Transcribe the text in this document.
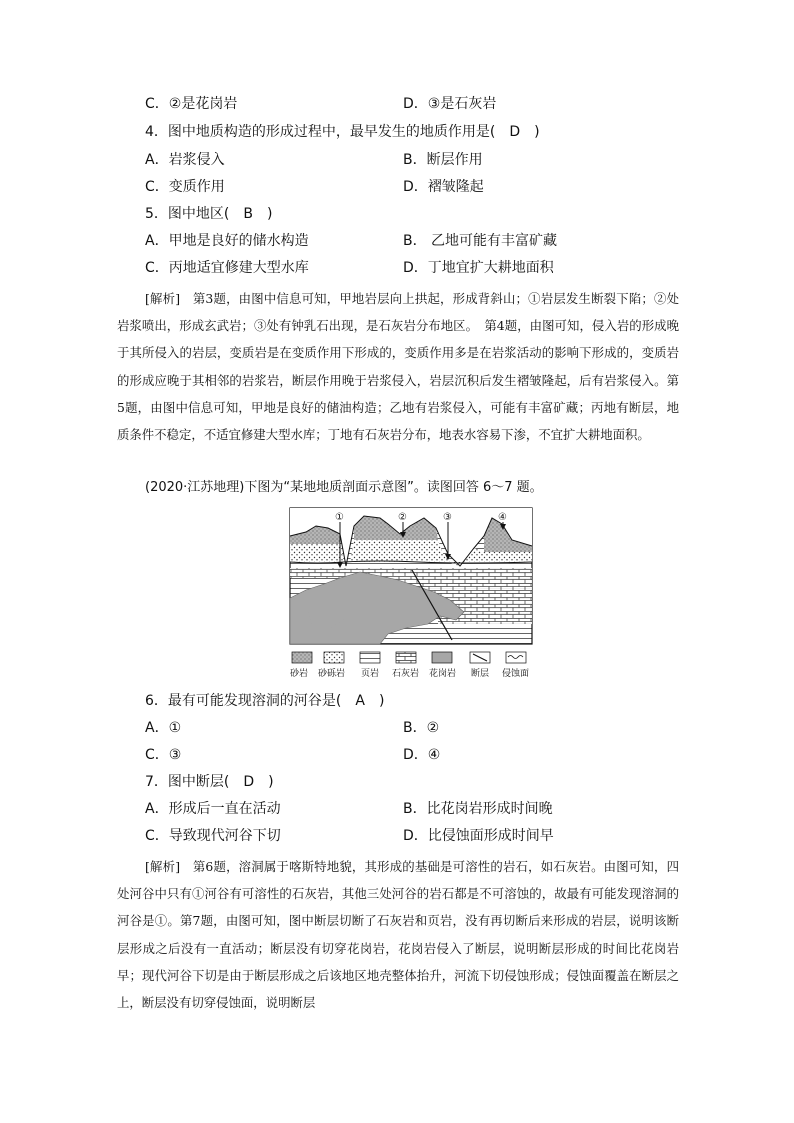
C．②是花岗岩	D．③是石灰岩
4．图中地质构造的形成过程中，最早发生的地质作用是(　D　)
A．岩浆侵入	B．断层作用
C．变质作用	D．褶皱隆起
5．图中地区(　B　)
A．甲地是良好的储水构造	B． 乙地可能有丰富矿藏
C．丙地适宜修建大型水库	D．丁地宜扩大耕地面积

[解析]　第3题，由图中信息可知，甲地岩层向上拱起，形成背斜山；①岩层发生断裂下陷；②处岩浆喷出，形成玄武岩；③处有钟乳石出现，是石灰岩分布地区。　第4题，由图可知，侵入岩的形成晚于其所侵入的岩层，变质岩是在变质作用下形成的，变质作用多是在岩浆活动的影响下形成的，变质岩的形成应晚于其相邻的岩浆岩，断层作用晚于岩浆侵入，岩层沉积后发生褶皱隆起，后有岩浆侵入。第5题，由图中信息可知，甲地是良好的储油构造；乙地有岩浆侵入，可能有丰富矿藏；丙地有断层，地质条件不稳定，不适宜修建大型水库；丁地有石灰岩分布，地表水容易下渗，不宜扩大耕地面积。

(2020·江苏地理)下图为“某地地质剖面示意图”。读图回答 6～7 题。
①	②	③	④
砂岩 砂砾岩 页岩 石灰岩 花岗岩 断层 侵蚀面
6．最有可能发现溶洞的河谷是(　A　)
A．①	B．②
C．③	D．④
7．图中断层(　D　)
A．形成后一直在活动	B．比花岗岩形成时间晚
C．导致现代河谷下切	D．比侵蚀面形成时间早

[解析]　第6题，溶洞属于喀斯特地貌，其形成的基础是可溶性的岩石，如石灰岩。由图可知，四处河谷中只有①河谷有可溶性的石灰岩，其他三处河谷的岩石都是不可溶蚀的，故最有可能发现溶洞的河谷是①。第7题，由图可知，图中断层切断了石灰岩和页岩，没有再切断后来形成的岩层，说明该断层形成之后没有一直活动；断层没有切穿花岗岩，花岗岩侵入了断层，说明断层形成的时间比花岗岩早；现代河谷下切是由于断层形成之后该地区地壳整体抬升，河流下切侵蚀形成；侵蚀面覆盖在断层之上，断层没有切穿侵蚀面，说明断层
